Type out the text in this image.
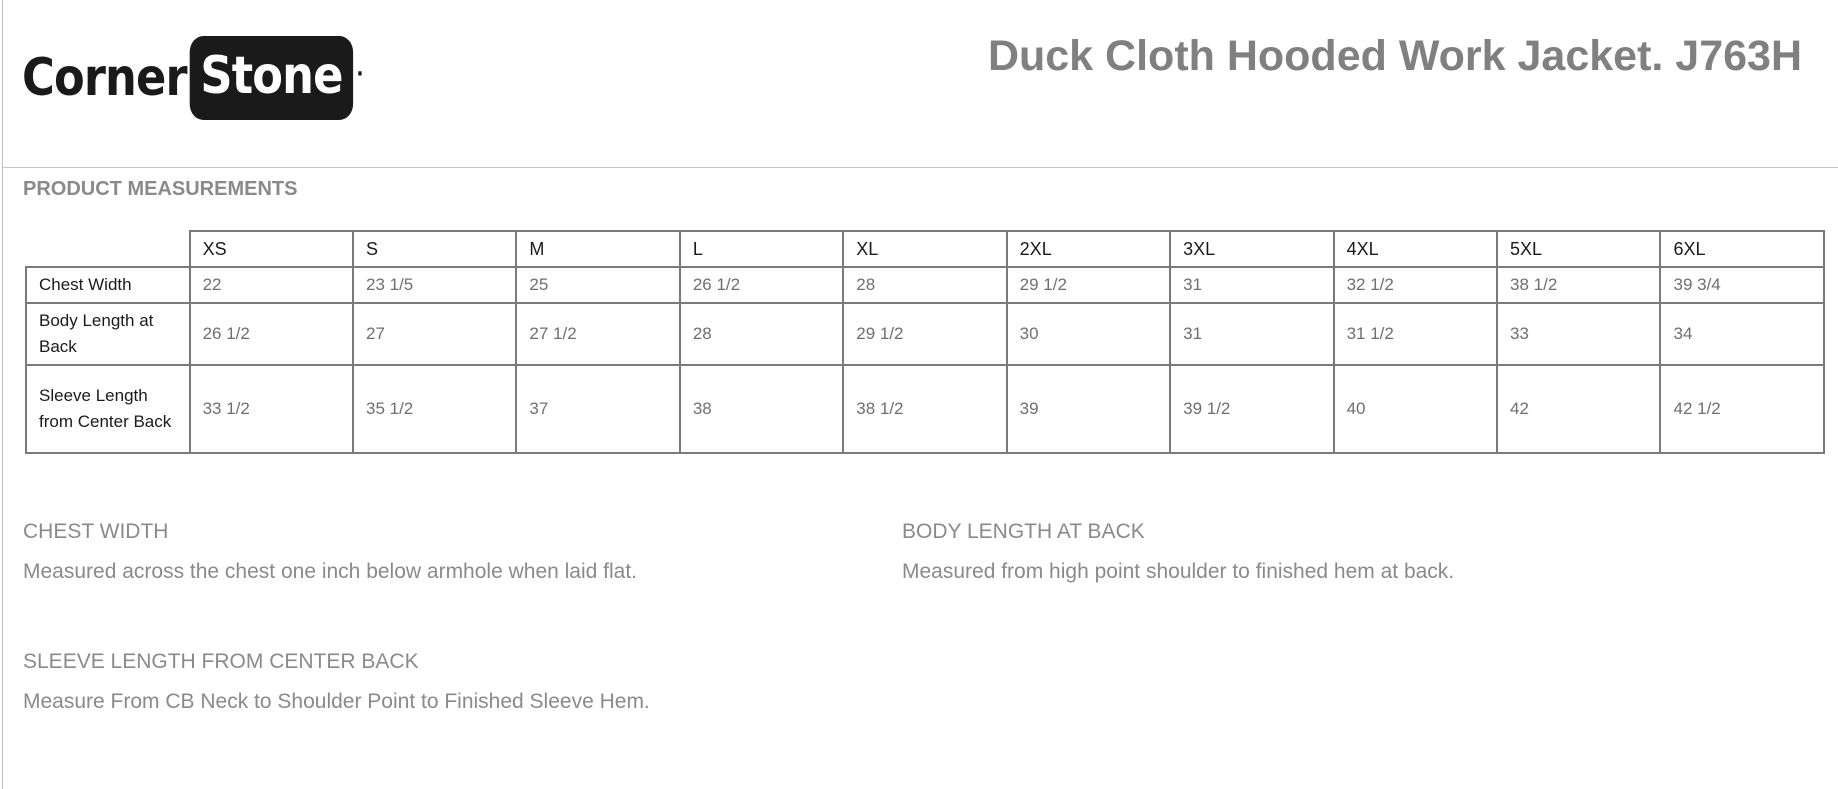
Corner Stone ·	Duck Cloth Hooded Work Jacket. J763H
PRODUCT MEASUREMENTS
	XS	S	M	L	XL	2XL	3XL	4XL	5XL	6XL
Chest Width	22	23 1/5	25	26 1/2	28	29 1/2	31	32 1/2	38 1/2	39 3/4
Body Length at Back	26 1/2	27	27 1/2	28	29 1/2	30	31	31 1/2	33	34
Sleeve Length from Center Back	33 1/2	35 1/2	37	38	38 1/2	39	39 1/2	40	42	42 1/2
CHEST WIDTH
Measured across the chest one inch below armhole when laid flat.
BODY LENGTH AT BACK
Measured from high point shoulder to finished hem at back.
SLEEVE LENGTH FROM CENTER BACK
Measure From CB Neck to Shoulder Point to Finished Sleeve Hem.
